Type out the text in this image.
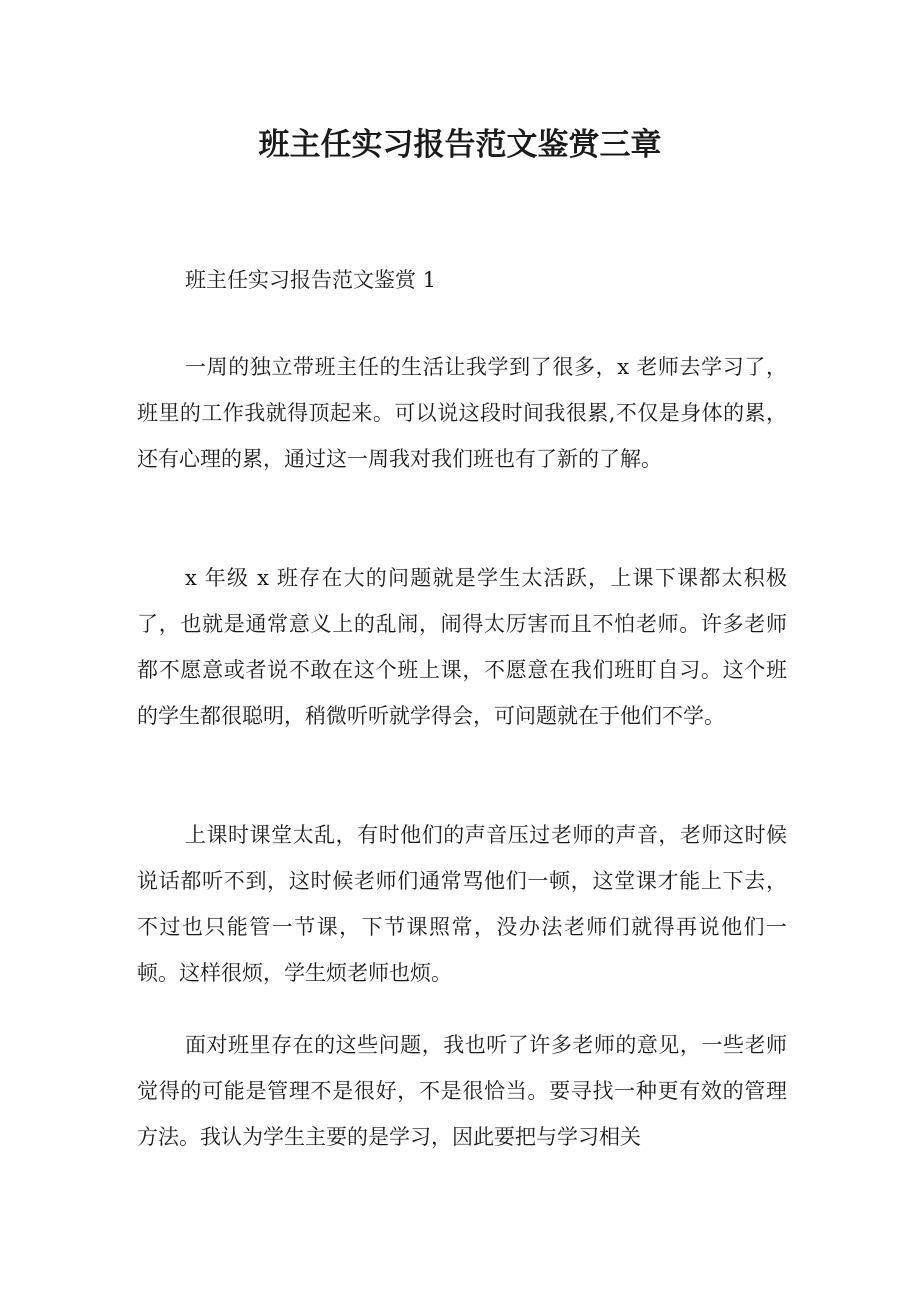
班主任实习报告范文鉴赏三章

班主任实习报告范文鉴赏 1

一周的独立带班主任的生活让我学到了很多，x 老师去学习了，班里的工作我就得顶起来。可以说这段时间我很累,不仅是身体的累，还有心理的累，通过这一周我对我们班也有了新的了解。

x 年级 x 班存在大的问题就是学生太活跃，上课下课都太积极了，也就是通常意义上的乱闹，闹得太厉害而且不怕老师。许多老师都不愿意或者说不敢在这个班上课，不愿意在我们班盯自习。这个班的学生都很聪明，稍微听听就学得会，可问题就在于他们不学。

上课时课堂太乱，有时他们的声音压过老师的声音，老师这时候说话都听不到，这时候老师们通常骂他们一顿，这堂课才能上下去，不过也只能管一节课，下节课照常，没办法老师们就得再说他们一顿。这样很烦，学生烦老师也烦。

面对班里存在的这些问题，我也听了许多老师的意见，一些老师觉得的可能是管理不是很好，不是很恰当。要寻找一种更有效的管理方法。我认为学生主要的是学习，因此要把与学习相关
